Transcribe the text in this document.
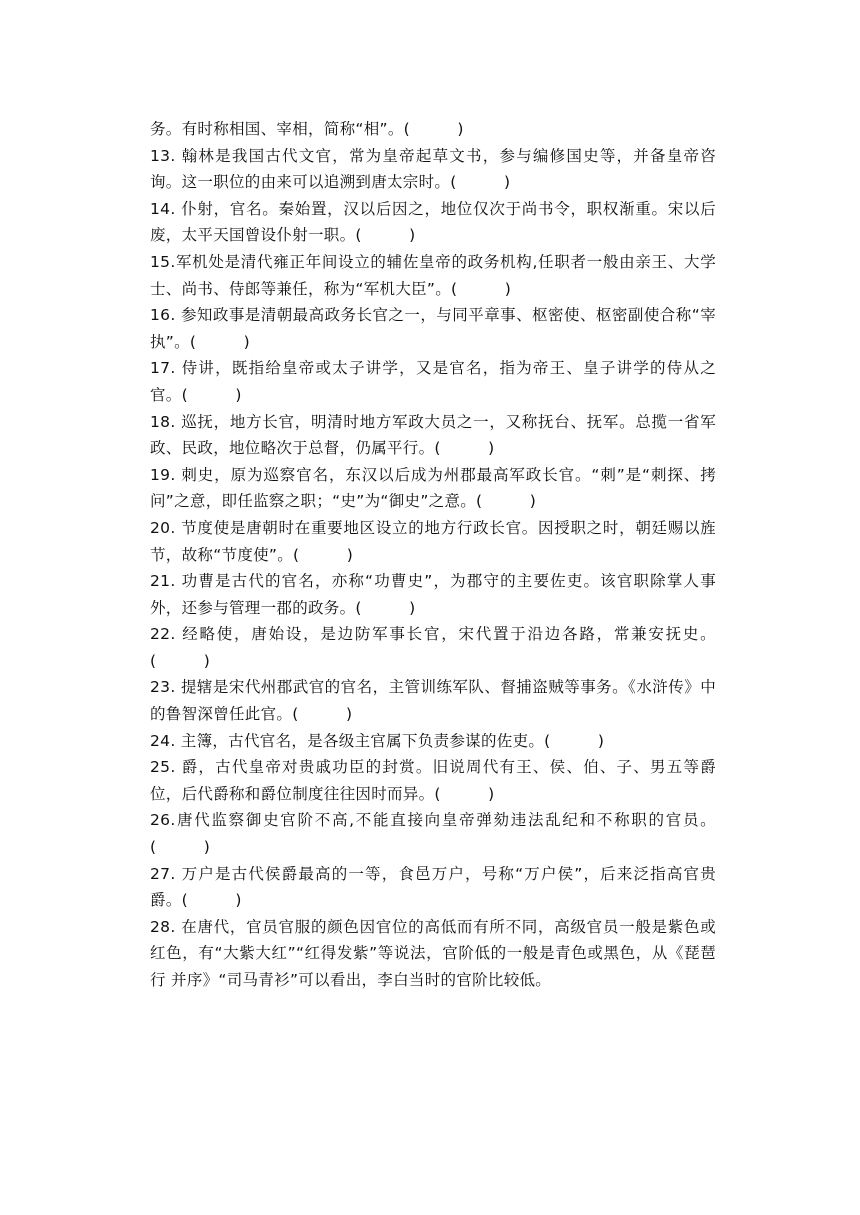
务。有时称相国、宰相，简称“相”。(　　　)

13. 翰林是我国古代文官，常为皇帝起草文书，参与编修国史等，并备皇帝咨询。这一职位的由来可以追溯到唐太宗时。(　　　)

14. 仆射，官名。秦始置，汉以后因之，地位仅次于尚书令，职权渐重。宋以后废，太平天国曾设仆射一职。(　　　)

15.军机处是清代雍正年间设立的辅佐皇帝的政务机构,任职者一般由亲王、大学士、尚书、侍郎等兼任，称为“军机大臣”。(　　　)

16. 参知政事是清朝最高政务长官之一，与同平章事、枢密使、枢密副使合称“宰执”。(　　　)

17. 侍讲，既指给皇帝或太子讲学，又是官名，指为帝王、皇子讲学的侍从之官。(　　　)

18. 巡抚，地方长官，明清时地方军政大员之一，又称抚台、抚军。总揽一省军政、民政，地位略次于总督，仍属平行。(　　　)

19. 刺史，原为巡察官名，东汉以后成为州郡最高军政长官。“刺”是“刺探、拷问”之意，即任监察之职；“史”为“御史”之意。(　　　)

20. 节度使是唐朝时在重要地区设立的地方行政长官。因授职之时，朝廷赐以旌节，故称“节度使”。(　　　)

21. 功曹是古代的官名，亦称“功曹史”，为郡守的主要佐吏。该官职除掌人事外，还参与管理一郡的政务。(　　　)

22. 经略使，唐始设，是边防军事长官，宋代置于沿边各路，常兼安抚史。(　　　)

23. 提辖是宋代州郡武官的官名，主管训练军队、督捕盗贼等事务。《水浒传》中的鲁智深曾任此官。(　　　)

24. 主簿，古代官名，是各级主官属下负责参谋的佐吏。(　　　)

25. 爵，古代皇帝对贵戚功臣的封赏。旧说周代有王、侯、伯、子、男五等爵位，后代爵称和爵位制度往往因时而异。(　　　)

26.唐代监察御史官阶不高,不能直接向皇帝弹劾违法乱纪和不称职的官员。(　　　)

27. 万户是古代侯爵最高的一等，食邑万户，号称“万户侯”，后来泛指高官贵爵。(　　　)

28. 在唐代，官员官服的颜色因官位的高低而有所不同，高级官员一般是紫色或红色，有“大紫大红”“红得发紫”等说法，官阶低的一般是青色或黑色，从《琵琶行 并序》“司马青衫”可以看出，李白当时的官阶比较低。
